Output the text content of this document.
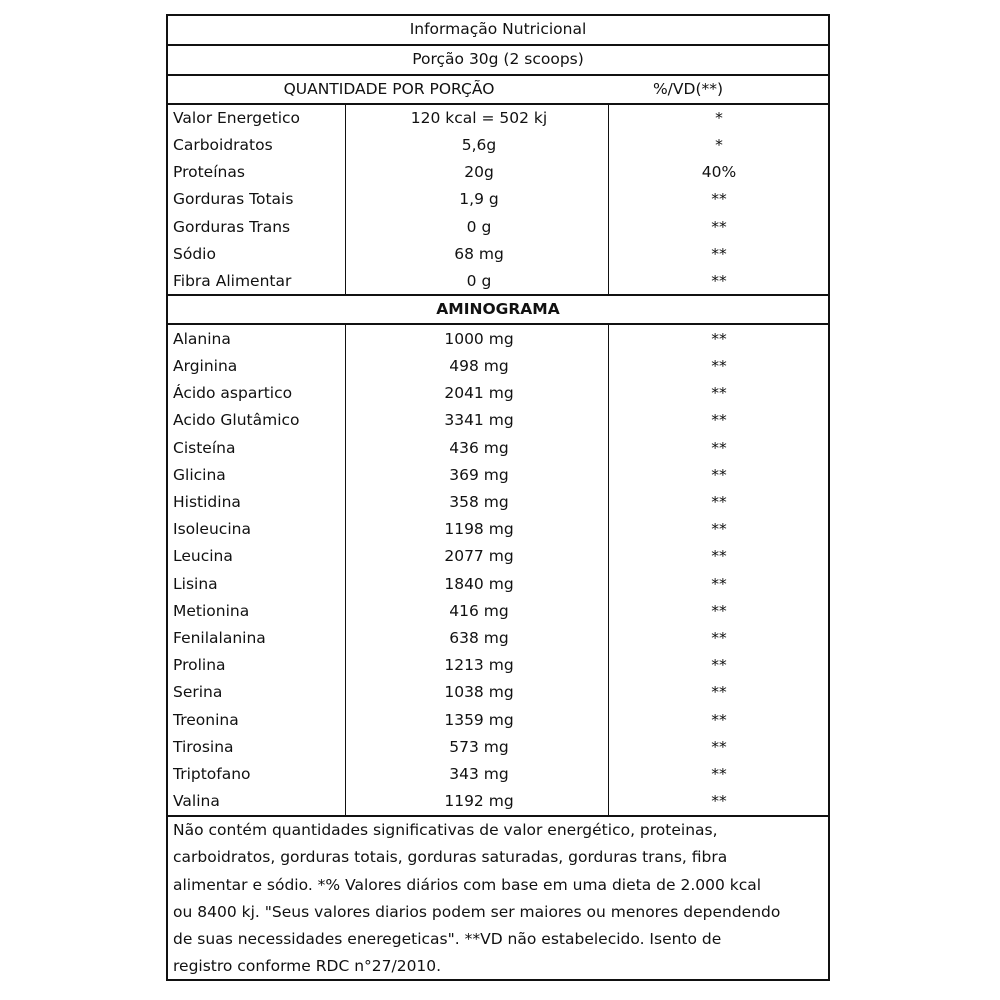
Informação Nutricional
Porção 30g (2 scoops)
QUANTIDADE POR PORÇÃO	%/VD(**)
Valor Energetico	120 kcal = 502 kj	*
Carboidratos	5,6g	*
Proteínas	20g	40%
Gorduras Totais	1,9 g	**
Gorduras Trans	0 g	**
Sódio	68 mg	**
Fibra Alimentar	0 g	**
AMINOGRAMA
Alanina	1000 mg	**
Arginina	498 mg	**
Ácido aspartico	2041 mg	**
Acido Glutâmico	3341 mg	**
Cisteína	436 mg	**
Glicina	369 mg	**
Histidina	358 mg	**
Isoleucina	1198 mg	**
Leucina	2077 mg	**
Lisina	1840 mg	**
Metionina	416 mg	**
Fenilalanina	638 mg	**
Prolina	1213 mg	**
Serina	1038 mg	**
Treonina	1359 mg	**
Tirosina	573 mg	**
Triptofano	343 mg	**
Valina	1192 mg	**
Não contém quantidades significativas de valor energético, proteinas,
carboidratos, gorduras totais, gorduras saturadas, gorduras trans, fibra
alimentar e sódio. *% Valores diários com base em uma dieta de 2.000 kcal
ou 8400 kj. "Seus valores diarios podem ser maiores ou menores dependendo
de suas necessidades eneregeticas". **VD não estabelecido. Isento de
registro conforme RDC n°27/2010.
